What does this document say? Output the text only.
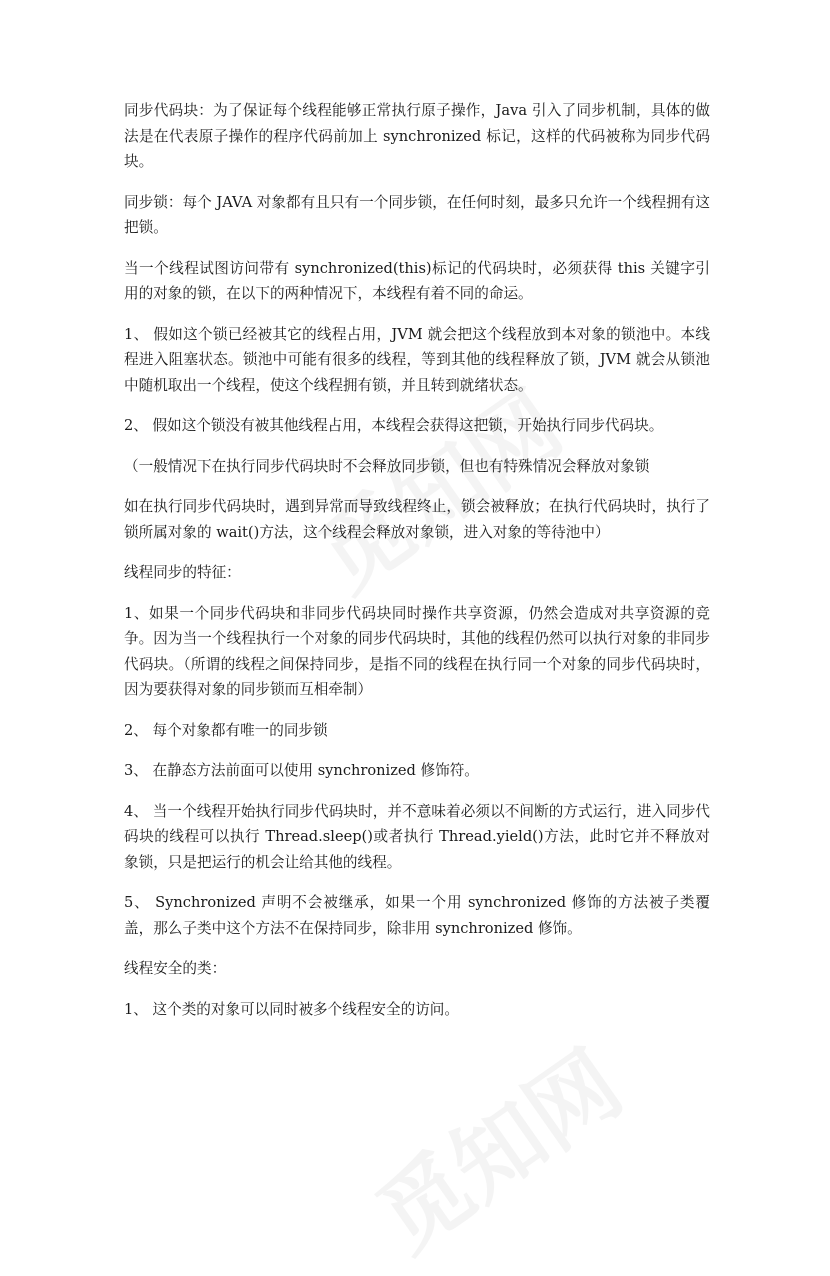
同步代码块：为了保证每个线程能够正常执行原子操作，Java 引入了同步机制，具体的做法是在代表原子操作的程序代码前加上 synchronized 标记，这样的代码被称为同步代码块。

同步锁：每个 JAVA 对象都有且只有一个同步锁，在任何时刻，最多只允许一个线程拥有这把锁。

当一个线程试图访问带有 synchronized(this)标记的代码块时，必须获得 this 关键字引用的对象的锁，在以下的两种情况下，本线程有着不同的命运。

1、 假如这个锁已经被其它的线程占用，JVM 就会把这个线程放到本对象的锁池中。本线程进入阻塞状态。锁池中可能有很多的线程，等到其他的线程释放了锁，JVM 就会从锁池中随机取出一个线程，使这个线程拥有锁，并且转到就绪状态。

2、 假如这个锁没有被其他线程占用，本线程会获得这把锁，开始执行同步代码块。

（一般情况下在执行同步代码块时不会释放同步锁，但也有特殊情况会释放对象锁

如在执行同步代码块时，遇到异常而导致线程终止，锁会被释放；在执行代码块时，执行了锁所属对象的 wait()方法，这个线程会释放对象锁，进入对象的等待池中）

线程同步的特征：

1、如果一个同步代码块和非同步代码块同时操作共享资源，仍然会造成对共享资源的竞争。因为当一个线程执行一个对象的同步代码块时，其他的线程仍然可以执行对象的非同步代码块。（所谓的线程之间保持同步，是指不同的线程在执行同一个对象的同步代码块时，因为要获得对象的同步锁而互相牵制）

2、 每个对象都有唯一的同步锁

3、 在静态方法前面可以使用 synchronized 修饰符。

4、 当一个线程开始执行同步代码块时，并不意味着必须以不间断的方式运行，进入同步代码块的线程可以执行 Thread.sleep()或者执行 Thread.yield()方法，此时它并不释放对象锁，只是把运行的机会让给其他的线程。

5、 Synchronized 声明不会被继承，如果一个用 synchronized 修饰的方法被子类覆盖，那么子类中这个方法不在保持同步，除非用 synchronized 修饰。

线程安全的类：

1、 这个类的对象可以同时被多个线程安全的访问。
